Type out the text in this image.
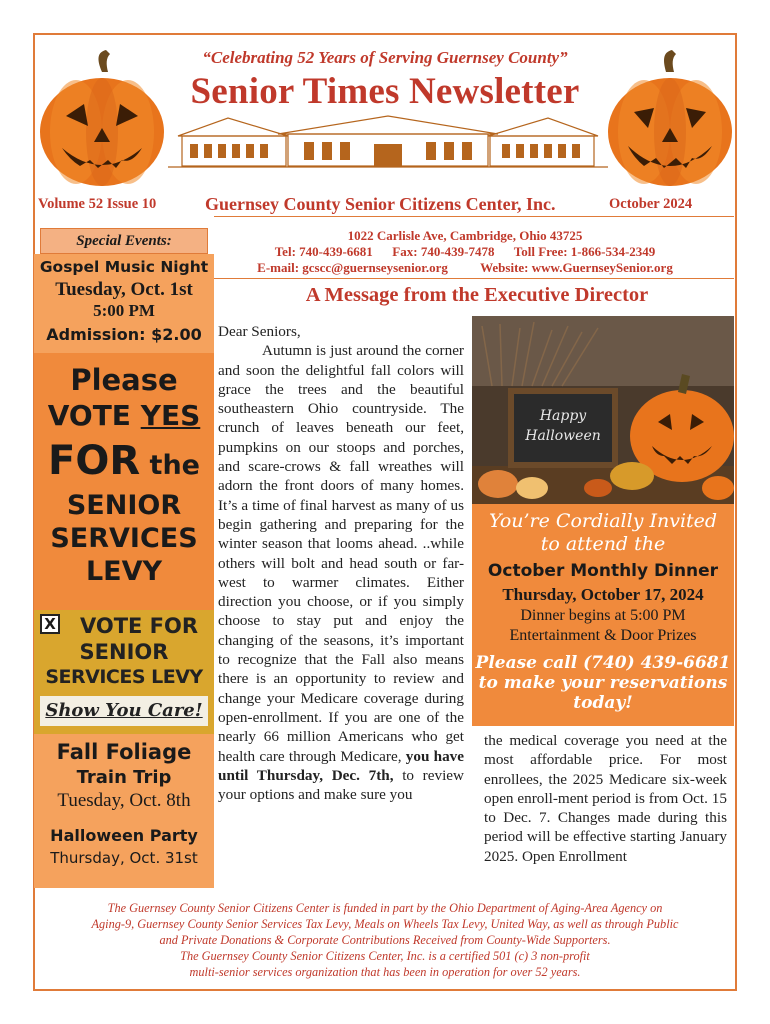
“Celebrating 52 Years of Serving Guernsey County”
Senior Times Newsletter
Volume 52 Issue 10	Guernsey County Senior Citizens Center, Inc.	October 2024
1022 Carlisle Ave, Cambridge, Ohio 43725
Tel: 740-439-6681      Fax: 740-439-7478      Toll Free: 1-866-534-2349
E-mail: gcscc@guernseysenior.org          Website: www.GuernseySenior.org
Special Events:
Gospel Music Night
Tuesday, Oct. 1st
5:00 PM
Admission: $2.00
Please
VOTE YES
FOR the
SENIOR
SERVICES
LEVY
X	VOTE FOR
SENIOR
SERVICES LEVY
Show You Care!
Fall Foliage
Train Trip
Tuesday, Oct. 8th
Halloween Party
Thursday, Oct. 31st
A Message from the Executive Director
Dear Seniors,
Autumn is just around the corner and soon the delightful fall colors will grace the trees and the beautiful southeastern Ohio countryside. The crunch of leaves beneath our feet, pumpkins on our stoops and porches, and scare-crows & fall wreathes will adorn the front doors of many homes. It’s a time of final harvest as many of us begin gathering and preparing for the winter season that looms ahead. ..while others will bolt and head south or far-west to warmer climates. Either direction you choose, or if you simply choose to stay put and enjoy the changing of the seasons, it’s important to recognize that the Fall also means there is an opportunity to review and change your Medicare coverage during open-enrollment. If you are one of the nearly 66 million Americans who get health care through Medicare, you have until Thursday, Dec. 7th, to review your options and make sure you
Happy
Halloween
You’re Cordially Invited
to attend the
October Monthly Dinner
Thursday, October 17, 2024
Dinner begins at 5:00 PM
Entertainment & Door Prizes
Please call (740) 439-6681
to make your reservations
today!
the medical coverage you need at the most affordable price. For most enrollees, the 2025 Medicare six-week open enroll-ment period is from Oct. 15 to Dec. 7. Changes made during this period will be effective starting January 2025. Open Enrollment
The Guernsey County Senior Citizens Center is funded in part by the Ohio Department of Aging-Area Agency on
Aging-9, Guernsey County Senior Services Tax Levy, Meals on Wheels Tax Levy, United Way, as well as through Public
and Private Donations & Corporate Contributions Received from County-Wide Supporters.
The Guernsey County Senior Citizens Center, Inc. is a certified 501 (c) 3 non-profit
multi-senior services organization that has been in operation for over 52 years.
